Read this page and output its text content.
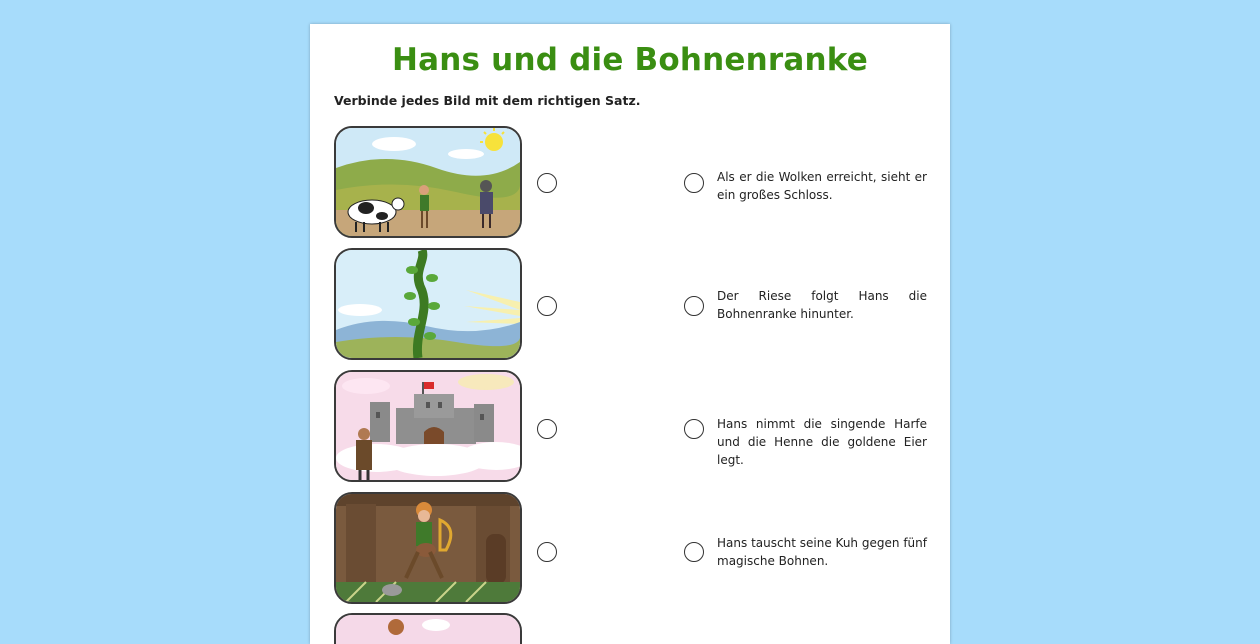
Hans und die Bohnenranke
Verbinde jedes Bild mit dem richtigen Satz.
Als er die Wolken erreicht, sieht er ein großes Schloss.
Der Riese folgt Hans die Bohnenranke hinunter.
Hans nimmt die singende Harfe und die Henne die goldene Eier legt.
Hans tauscht seine Kuh gegen fünf magische Bohnen.
